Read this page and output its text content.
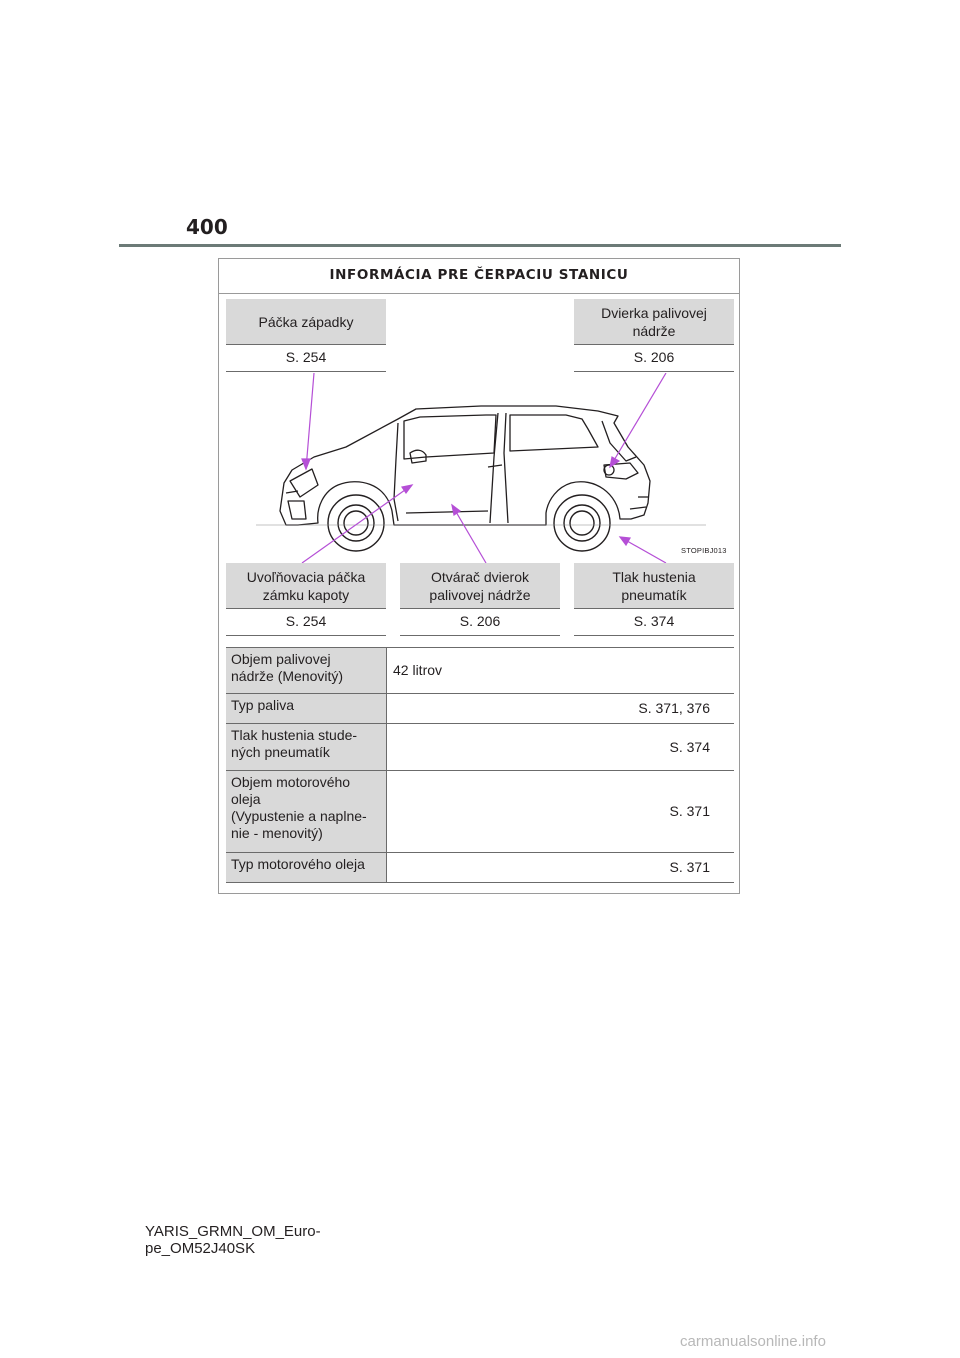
400
INFORMÁCIA PRE ČERPACIU STANICU
Páčka západky
S. 254
Dvierka palivovej
nádrže
S. 206
STOPIBJ013
Uvoľňovacia páčka
zámku kapoty
S. 254
Otvárač dvierok
palivovej nádrže
S. 206
Tlak hustenia
pneumatík
S. 374
Objem palivovej
nádrže (Menovitý)	42 litrov
Typ paliva	S. 371, 376
Tlak hustenia stude-
ných pneumatík	S. 374
Objem motorového
oleja
(Vypustenie a naplne-
nie - menovitý)
S. 371
Typ motorového oleja	S. 371
YARIS_GRMN_OM_Euro-
pe_OM52J40SK
carmanualsonline.info
